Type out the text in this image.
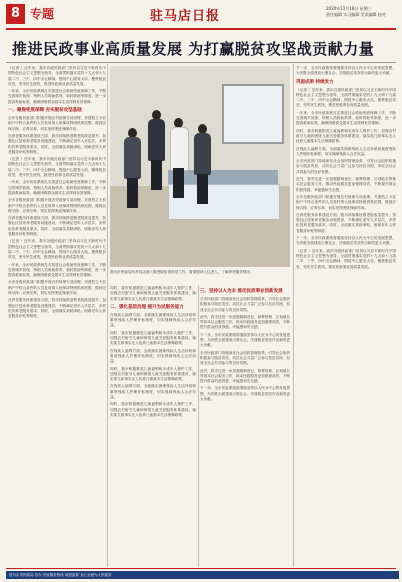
8 专题	驻马店日报
2020年11月18日 星期三
责任编辑 实习编辑 美术编辑 校对
推进民政事业高质量发展 为打赢脱贫攻坚战贡献力量

（记者 ）近年来，我市各级民政部门坚持以习近平新时代中国特色社会主义思想为指导，全面贯彻落实党的十九大和十九届二中、三中、四中全会精神，围绕中心服务大局，聚焦脱贫攻坚，兜牢民生底线，推进民政事业高质量发展。

一年来，全市民政系统扎实推进社会救助兜底保障工作，不断完善城乡低保、特困人员救助供养、临时救助等制度，进一步提高救助标准，确保困难群众基本生活得到有效保障。

一、聚焦兜底保障 夯实脱贫攻坚基础

全市各级民政部门积极开展农村低保专项治理，对建档立卡贫困户中符合条件的人员及时纳入低保或特困供养范围，做到应保尽保、应养尽养，切实发挥兜底保障作用。

在养老服务体系建设方面，我市持续推进敬老院改造提升，加强社区居家养老服务设施建设，不断满足老年人多层次、多样化的养老服务需求。同时，全面落实高龄津贴、困难老年人养老服务补贴等制度。

（记者 ）近年来，我市各级民政部门坚持以习近平新时代中国特色社会主义思想为指导，全面贯彻落实党的十九大和十九届二中、三中、四中全会精神，围绕中心服务大局，聚焦脱贫攻坚，兜牢民生底线，推进民政事业高质量发展。

一年来，全市民政系统扎实推进社会救助兜底保障工作，不断完善城乡低保、特困人员救助供养、临时救助等制度，进一步提高救助标准，确保困难群众基本生活得到有效保障。

全市各级民政部门积极开展农村低保专项治理，对建档立卡贫困户中符合条件的人员及时纳入低保或特困供养范围，做到应保尽保、应养尽养，切实发挥兜底保障作用。

在养老服务体系建设方面，我市持续推进敬老院改造提升，加强社区居家养老服务设施建设，不断满足老年人多层次、多样化的养老服务需求。同时，全面落实高龄津贴、困难老年人养老服务补贴等制度。

（记者 ）近年来，我市各级民政部门坚持以习近平新时代中国特色社会主义思想为指导，全面贯彻落实党的十九大和十九届二中、三中、四中全会精神，围绕中心服务大局，聚焦脱贫攻坚，兜牢民生底线，推进民政事业高质量发展。

一年来，全市民政系统扎实推进社会救助兜底保障工作，不断完善城乡低保、特困人员救助供养、临时救助等制度，进一步提高救助标准，确保困难群众基本生活得到有效保障。

全市各级民政部门积极开展农村低保专项治理，对建档立卡贫困户中符合条件的人员及时纳入低保或特困供养范围，做到应保尽保、应养尽养，切实发挥兜底保障作用。

在养老服务体系建设方面，我市持续推进敬老院改造提升，加强社区居家养老服务设施建设，不断满足老年人多层次、多样化的养老服务需求。同时，全面落实高龄津贴、困难老年人养老服务补贴等制度。

图为市民政局负责同志深入敬老院检查指导工作，看望慰问入住老人，了解养老服务情况。

同时，我市积极推进儿童福利和未成年人保护工作，加强农村留守儿童和困境儿童关爱服务体系建设，落实孤儿和事实无人抚养儿童基本生活保障政策。

二、强化基层治理 提升为民服务能力

在残疾人福利方面，全面落实困难残疾人生活补贴和重度残疾人护理补贴制度，切实保障残疾人合法权益。

同时，我市积极推进儿童福利和未成年人保护工作，加强农村留守儿童和困境儿童关爱服务体系建设，落实孤儿和事实无人抚养儿童基本生活保障政策。

在残疾人福利方面，全面落实困难残疾人生活补贴和重度残疾人护理补贴制度，切实保障残疾人合法权益。

同时，我市积极推进儿童福利和未成年人保护工作，加强农村留守儿童和困境儿童关爱服务体系建设，落实孤儿和事实无人抚养儿童基本生活保障政策。

在残疾人福利方面，全面落实困难残疾人生活补贴和重度残疾人护理补贴制度，切实保障残疾人合法权益。

同时，我市积极推进儿童福利和未成年人保护工作，加强农村留守儿童和困境儿童关爱服务体系建设，落实孤儿和事实无人抚养儿童基本生活保障政策。

三、坚持以人为本 推动民政事业创新发展

全市民政部门持续深化社会组织管理改革，引导社会组织积极参与脱贫攻坚，动员社会力量广泛参与扶贫济困，形成全社会共同参与的良好氛围。

此外，我市还进一步加强婚姻登记、殡葬管理、区划地名等基本社会服务工作，推动民政服务更加便捷高效，不断提升群众的获得感、幸福感和安全感。

下一步，全市民政系统将继续坚持以人民为中心的发展思想，为决胜全面建成小康社会、决战脱贫攻坚作出新的更大贡献。

全市民政部门持续深化社会组织管理改革，引导社会组织积极参与脱贫攻坚，动员社会力量广泛参与扶贫济困，形成全社会共同参与的良好氛围。

此外，我市还进一步加强婚姻登记、殡葬管理、区划地名等基本社会服务工作，推动民政服务更加便捷高效，不断提升群众的获得感、幸福感和安全感。

下一步，全市民政系统将继续坚持以人民为中心的发展思想，为决胜全面建成小康社会、决战脱贫攻坚作出新的更大贡献。

下一步，全市民政系统将继续坚持以人民为中心的发展思想，为决胜全面建成小康社会、决战脱贫攻坚作出新的更大贡献。

巩固成果 持续发力

（记者 ）近年来，我市各级民政部门坚持以习近平新时代中国特色社会主义思想为指导，全面贯彻落实党的十九大和十九届二中、三中、四中全会精神，围绕中心服务大局，聚焦脱贫攻坚，兜牢民生底线，推进民政事业高质量发展。

一年来，全市民政系统扎实推进社会救助兜底保障工作，不断完善城乡低保、特困人员救助供养、临时救助等制度，进一步提高救助标准，确保困难群众基本生活得到有效保障。

同时，我市积极推进儿童福利和未成年人保护工作，加强农村留守儿童和困境儿童关爱服务体系建设，落实孤儿和事实无人抚养儿童基本生活保障政策。

在残疾人福利方面，全面落实困难残疾人生活补贴和重度残疾人护理补贴制度，切实保障残疾人合法权益。

全市民政部门持续深化社会组织管理改革，引导社会组织积极参与脱贫攻坚，动员社会力量广泛参与扶贫济困，形成全社会共同参与的良好氛围。

此外，我市还进一步加强婚姻登记、殡葬管理、区划地名等基本社会服务工作，推动民政服务更加便捷高效，不断提升群众的获得感、幸福感和安全感。

全市各级民政部门积极开展农村低保专项治理，对建档立卡贫困户中符合条件的人员及时纳入低保或特困供养范围，做到应保尽保、应养尽养，切实发挥兜底保障作用。

在养老服务体系建设方面，我市持续推进敬老院改造提升，加强社区居家养老服务设施建设，不断满足老年人多层次、多样化的养老服务需求。同时，全面落实高龄津贴、困难老年人养老服务补贴等制度。

下一步，全市民政系统将继续坚持以人民为中心的发展思想，为决胜全面建成小康社会、决战脱贫攻坚作出新的更大贡献。

（记者 ）近年来，我市各级民政部门坚持以习近平新时代中国特色社会主义思想为指导，全面贯彻落实党的十九大和十九届二中、三中、四中全会精神，围绕中心服务大局，聚焦脱贫攻坚，兜牢民生底线，推进民政事业高质量发展。

驻马店市民政局 协办 民政服务热线 欢迎监督 全心全意为人民服务
